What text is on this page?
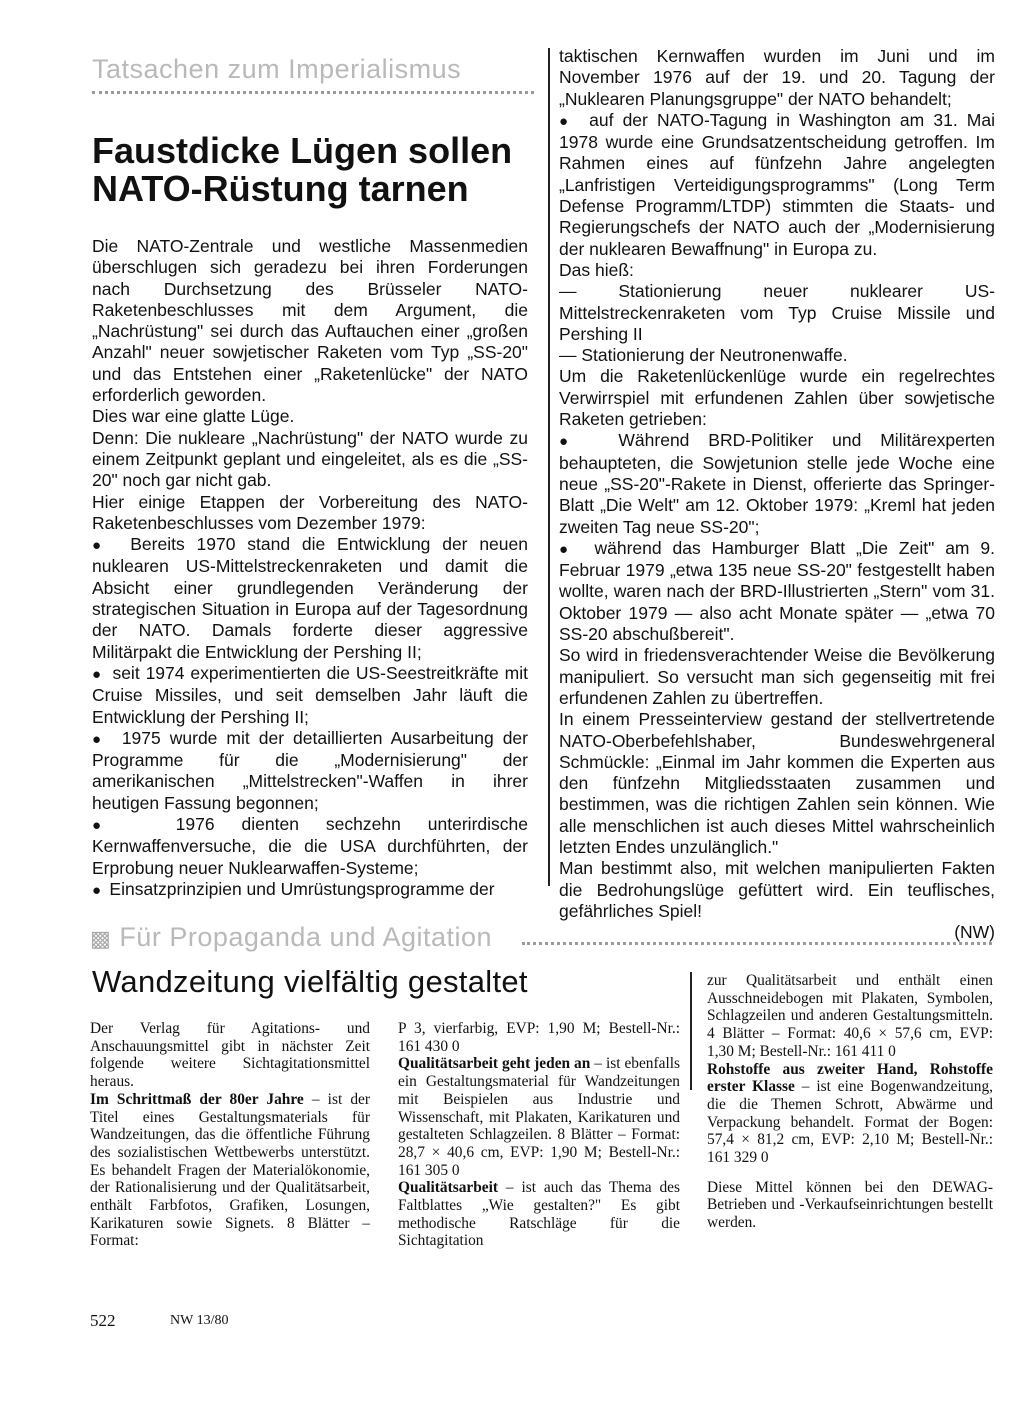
Tatsachen zum Imperialismus
Faustdicke Lügen sollen
NATO-Rüstung tarnen

Die NATO-Zentrale und westliche Massenmedien überschlugen sich geradezu bei ihren Forderungen nach Durchsetzung des Brüsseler NATO-Raketenbeschlusses mit dem Argument, die „Nachrüstung" sei durch das Auftauchen einer „großen Anzahl" neuer sowjetischer Raketen vom Typ „SS-20" und das Entstehen einer „Raketenlücke" der NATO erforderlich geworden.

Dies war eine glatte Lüge.

Denn: Die nukleare „Nachrüstung" der NATO wurde zu einem Zeitpunkt geplant und eingeleitet, als es die „SS-20" noch gar nicht gab.

Hier einige Etappen der Vorbereitung des NATO-Raketenbeschlusses vom Dezember 1979:

●  Bereits 1970 stand die Entwicklung der neuen nuklearen US-Mittelstreckenraketen und damit die Absicht einer grundlegenden Veränderung der strategischen Situation in Europa auf der Tagesordnung der NATO. Damals forderte dieser aggressive Militärpakt die Entwicklung der Pershing II;

●  seit 1974 experimentierten die US-Seestreitkräfte mit Cruise Missiles, und seit demselben Jahr läuft die Entwicklung der Pershing II;

●  1975 wurde mit der detaillierten Ausarbeitung der Programme für die „Modernisierung" der amerikanischen „Mittelstrecken"-Waffen in ihrer heutigen Fassung begonnen;

●  1976 dienten sechzehn unterirdische Kernwaffenversuche, die die USA durchführten, der Erprobung neuer Nuklearwaffen-Systeme;

●  Einsatzprinzipien und Umrüstungsprogramme der

taktischen Kernwaffen wurden im Juni und im November 1976 auf der 19. und 20. Tagung der „Nuklearen Planungsgruppe" der NATO behandelt;

●  auf der NATO-Tagung in Washington am 31. Mai 1978 wurde eine Grundsatzentscheidung getroffen. Im Rahmen eines auf fünfzehn Jahre angelegten „Lanfristigen Verteidigungsprogramms" (Long Term Defense Programm/LTDP) stimmten die Staats- und Regierungschefs der NATO auch der „Modernisierung der nuklearen Bewaffnung" in Europa zu.

Das hieß:

— Stationierung neuer nuklearer US-Mittelstreckenraketen vom Typ Cruise Missile und Pershing II

— Stationierung der Neutronenwaffe.

Um die Raketenlückenlüge wurde ein regelrechtes Verwirrspiel mit erfundenen Zahlen über sowjetische Raketen getrieben:

●  Während BRD-Politiker und Militärexperten behaupteten, die Sowjetunion stelle jede Woche eine neue „SS-20"-Rakete in Dienst, offerierte das Springer-Blatt „Die Welt" am 12. Oktober 1979: „Kreml hat jeden zweiten Tag neue SS-20";

●  während das Hamburger Blatt „Die Zeit" am 9. Februar 1979 „etwa 135 neue SS-20" festgestellt haben wollte, waren nach der BRD-Illustrierten „Stern" vom 31. Oktober 1979 — also acht Monate später — „etwa 70 SS-20 abschußbereit".

So wird in friedensverachtender Weise die Bevölkerung manipuliert. So versucht man sich gegenseitig mit frei erfundenen Zahlen zu übertreffen.

In einem Presseinterview gestand der stellvertretende NATO-Oberbefehlshaber, Bundeswehrgeneral Schmückle: „Einmal im Jahr kommen die Experten aus den fünfzehn Mitgliedsstaaten zusammen und bestimmen, was die richtigen Zahlen sein können. Wie alle menschlichen ist auch dieses Mittel wahrscheinlich letzten Endes unzulänglich."

Man bestimmt also, mit welchen manipulierten Fakten die Bedrohungslüge gefüttert wird. Ein teuflisches, gefährliches Spiel!

(NW)
▩ Für Propaganda und Agitation
Wandzeitung vielfältig gestaltet

Der Verlag für Agitations- und Anschauungsmittel gibt in nächster Zeit folgende weitere Sichtagitationsmittel heraus.

Im Schrittmaß der 80er Jahre – ist der Titel eines Gestaltungsmaterials für Wandzeitungen, das die öffentliche Führung des sozialistischen Wettbewerbs unterstützt. Es behandelt Fragen der Materialökonomie, der Rationalisierung und der Qualitätsarbeit, enthält Farbfotos, Grafiken, Losungen, Karikaturen sowie Signets. 8 Blätter – Format:

P 3, vierfarbig, EVP: 1,90 M; Bestell-Nr.: 161 430 0

Qualitätsarbeit geht jeden an – ist ebenfalls ein Gestaltungsmaterial für Wandzeitungen mit Beispielen aus Industrie und Wissenschaft, mit Plakaten, Karikaturen und gestalteten Schlagzeilen. 8 Blätter – Format: 28,7 × 40,6 cm, EVP: 1,90 M; Bestell-Nr.: 161 305 0

Qualitätsarbeit – ist auch das Thema des Faltblattes „Wie gestalten?" Es gibt methodische Ratschläge für die Sichtagitation

zur Qualitätsarbeit und enthält einen Ausschneidebogen mit Plakaten, Symbolen, Schlagzeilen und anderen Gestaltungsmitteln. 4 Blätter – Format: 40,6 × 57,6 cm, EVP: 1,30 M; Bestell-Nr.: 161 411 0

Rohstoffe aus zweiter Hand, Rohstoffe erster Klasse – ist eine Bogenwandzeitung, die die Themen Schrott, Abwärme und Verpackung behandelt. Format der Bogen: 57,4 × 81,2 cm, EVP: 2,10 M; Bestell-Nr.: 161 329 0

Diese Mittel können bei den DEWAG-Betrieben und -Verkaufseinrichtungen bestellt werden.

522	NW 13/80
